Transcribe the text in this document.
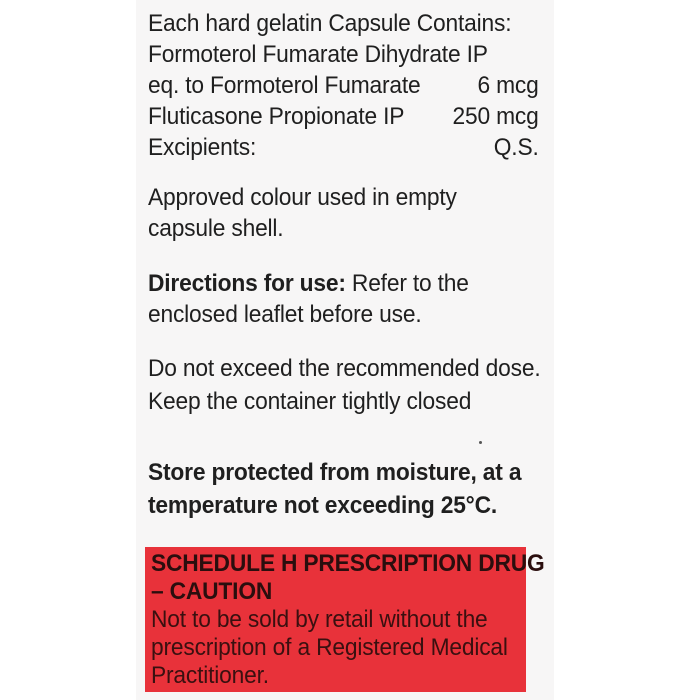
Each hard gelatin Capsule Contains:
Formoterol Fumarate Dihydrate IP
eq. to Formoterol Fumarate 6 mcg
Fluticasone Propionate IP 250 mcg
Excipients:	Q.S.
Approved colour used in empty
capsule shell.
Directions for use: Refer to the
enclosed leaflet before use.
Do not exceed the recommended dose.
Keep the container tightly closed
Store protected from moisture, at a
temperature not exceeding 25°C.
SCHEDULE H PRESCRIPTION DRUG
– CAUTION
Not to be sold by retail without the
prescription of a Registered Medical
Practitioner.
